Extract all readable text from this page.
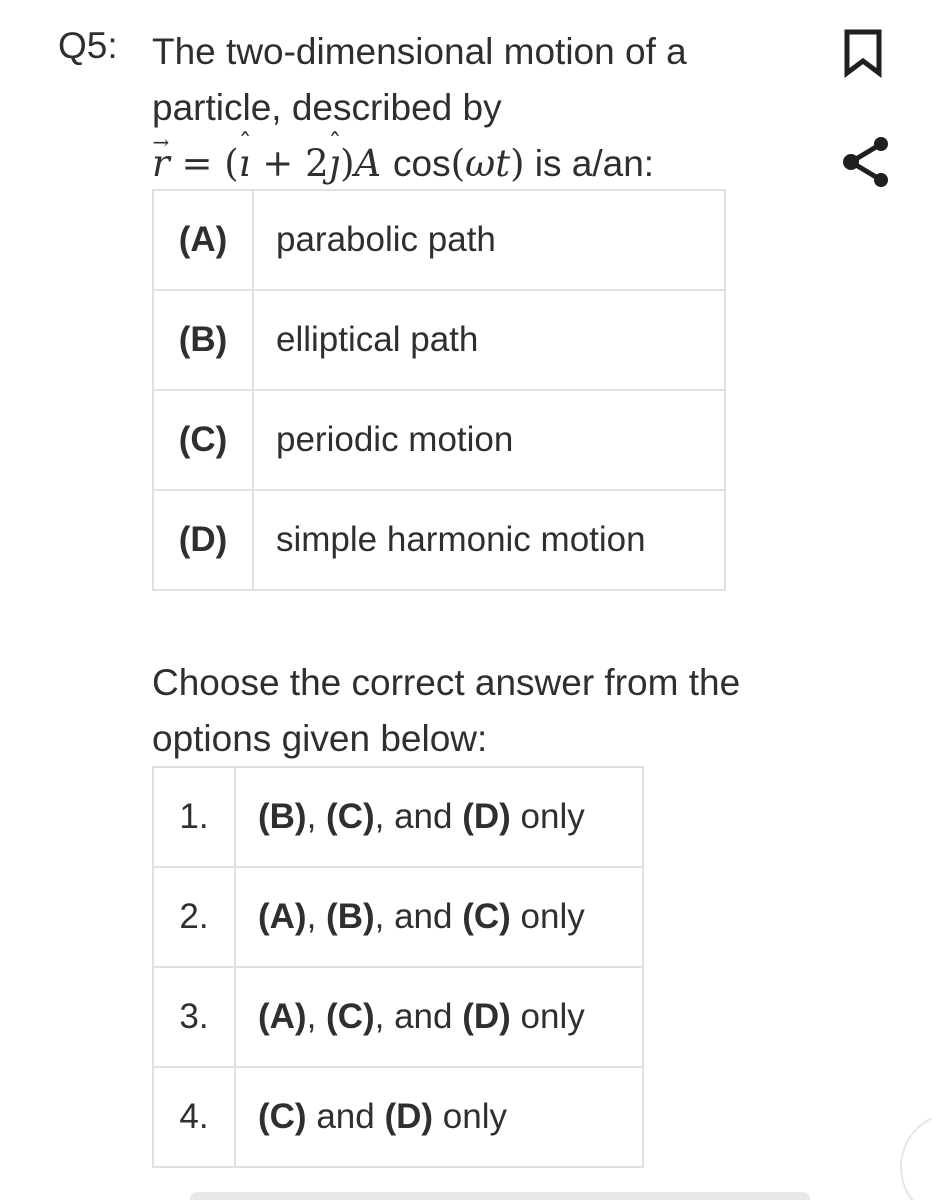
Q5: The two-dimensional motion of a
particle, described by
r → = (ı ˆ + 2ȷ ˆ)A cos(ωt) is a/an:
(A)	parabolic path
(B)	elliptical path
(C)	periodic motion
(D)	simple harmonic motion
Choose the correct answer from the
options given below:
1.	(B), (C), and (D) only
2.	(A), (B), and (C) only
3.	(A), (C), and (D) only
4.	(C) and (D) only
